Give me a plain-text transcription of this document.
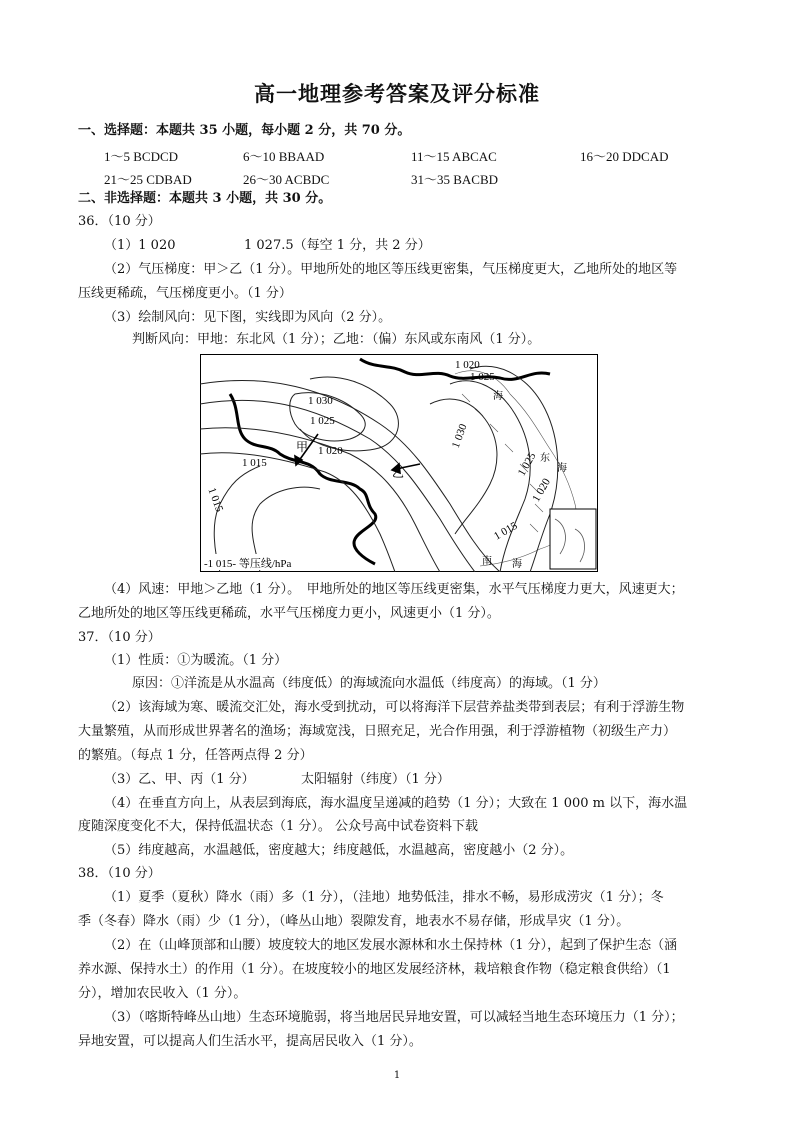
高一地理参考答案及评分标准
一、选择题：本题共 35 小题，每小题 2 分，共 70 分。
1～5 BCDCD	6～10 BBAAD	11～15 ABCAC	16～20 DDCAD
21～25 CDBAD	26～30 ACBDC	31～35 BACBD
二、非选择题：本题共 3 小题，共 30 分。
36．（10 分）
（1）1 020	1 027.5（每空 1 分，共 2 分）
（2）气压梯度：甲＞乙（1 分）。甲地所处的地区等压线更密集，气压梯度更大，乙地所处的地区等
压线更稀疏，气压梯度更小。（1 分）
（3）绘制风向：见下图，实线即为风向（2 分）。
判断风向：甲地：东北风（1 分）；乙地：（偏）东风或东南风（1 分）。
1 020
1 025
1 030
1 025
1 020
1 015
1 015
1 030
1 025
1 020
1 015
甲
乙
海
东
海
南 海
-1 015- 等压线/hPa
（4）风速：甲地＞乙地（1 分）。　甲地所处的地区等压线更密集，水平气压梯度力更大，风速更大；
乙地所处的地区等压线更稀疏，水平气压梯度力更小，风速更小（1 分）。
37．（10 分）
（1）性质：①为暖流。（1 分）
原因：①洋流是从水温高（纬度低）的海域流向水温低（纬度高）的海域。（1 分）
（2）该海域为寒、暖流交汇处，海水受到扰动，可以将海洋下层营养盐类带到表层；有利于浮游生物
大量繁殖，从而形成世界著名的渔场；海域宽浅，日照充足，光合作用强，利于浮游植物（初级生产力）
的繁殖。（每点 1 分，任答两点得 2 分）
（3）乙、甲、丙（1 分）	太阳辐射（纬度）（1 分）
（4）在垂直方向上，从表层到海底，海水温度呈递减的趋势（1 分）；大致在 1 000 m 以下，海水温
度随深度变化不大，保持低温状态（1 分）。 公众号高中试卷资料下载
（5）纬度越高，水温越低，密度越大；纬度越低，水温越高，密度越小（2 分）。
38．（10 分）
（1）夏季（夏秋）降水（雨）多（1 分），（洼地）地势低洼，排水不畅，易形成涝灾（1 分）；冬
季（冬春）降水（雨）少（1 分），（峰丛山地）裂隙发育，地表水不易存储，形成旱灾（1 分）。
（2）在（山峰顶部和山腰）坡度较大的地区发展水源林和水土保持林（1 分），起到了保护生态（涵
养水源、保持水土）的作用（1 分）。在坡度较小的地区发展经济林，栽培粮食作物（稳定粮食供给）（1
分），增加农民收入（1 分）。
（3）（喀斯特峰丛山地）生态环境脆弱，将当地居民异地安置，可以减轻当地生态环境压力（1 分）；
异地安置，可以提高人们生活水平，提高居民收入（1 分）。
1
